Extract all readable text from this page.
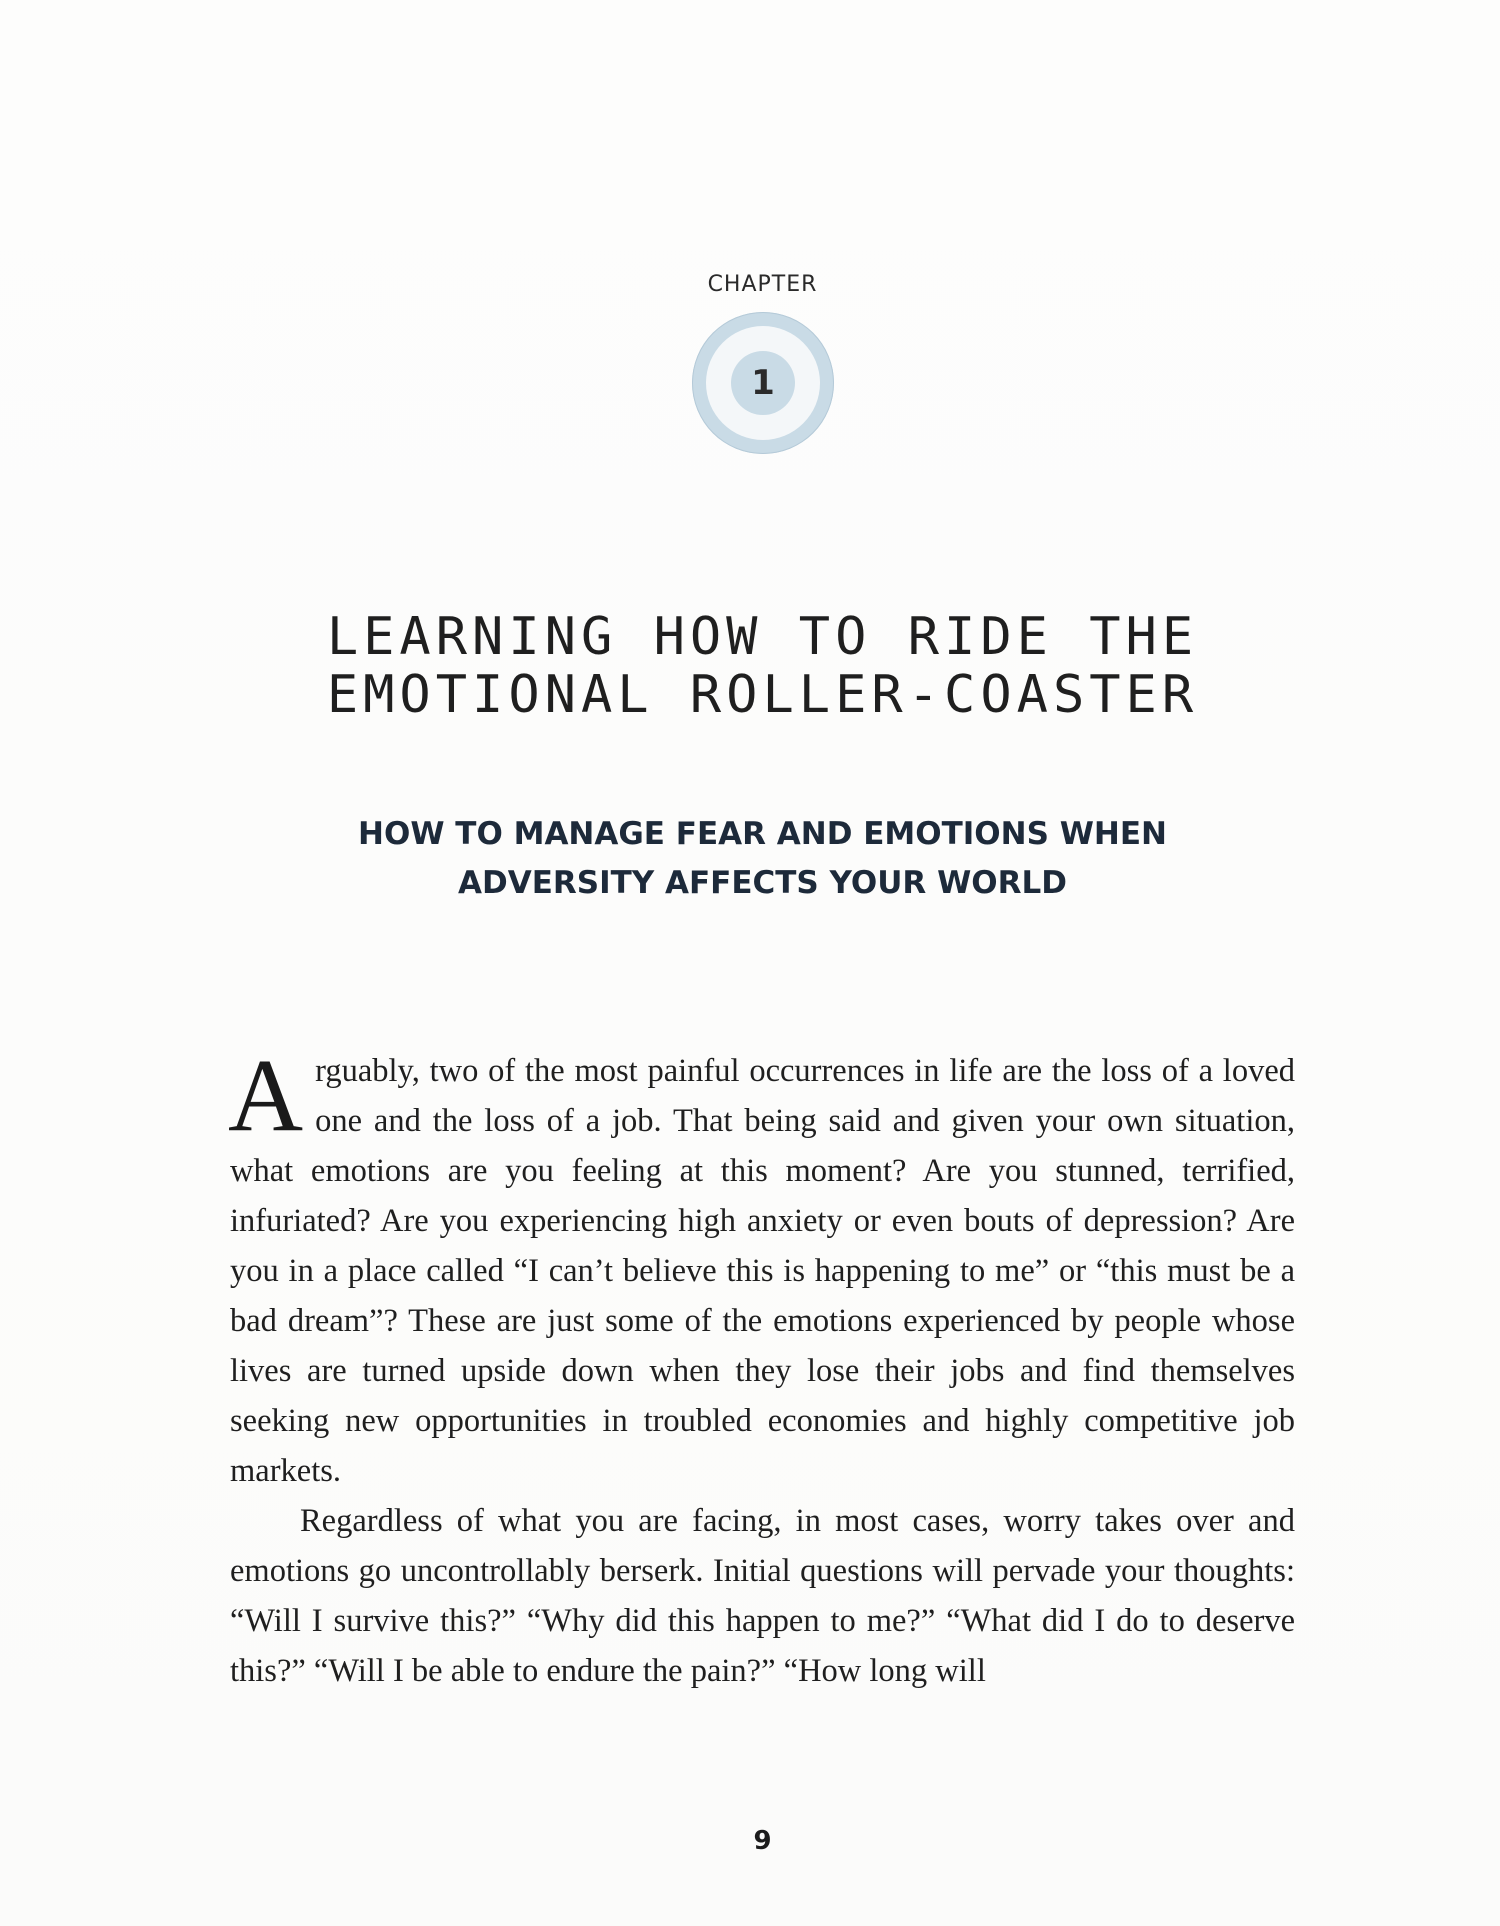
CHAPTER
1
LEARNING HOW TO RIDE THE
EMOTIONAL ROLLER-COASTER
HOW TO MANAGE FEAR AND EMOTIONS WHEN
ADVERSITY AFFECTS YOUR WORLD

Arguably, two of the most painful occurrences in life are the loss of a loved one and the loss of a job. That being said and given your own situation, what emotions are you feeling at this moment? Are you stunned, terrified, infuriated? Are you experiencing high anxiety or even bouts of depression? Are you in a place called “I can’t believe this is happening to me” or “this must be a bad dream”? These are just some of the emotions experienced by people whose lives are turned upside down when they lose their jobs and find themselves seeking new opportunities in troubled economies and highly competitive job markets.

Regardless of what you are facing, in most cases, worry takes over and emotions go uncontrollably berserk. Initial questions will pervade your thoughts: “Will I survive this?” “Why did this happen to me?” “What did I do to deserve this?” “Will I be able to endure the pain?” “How long will

9
